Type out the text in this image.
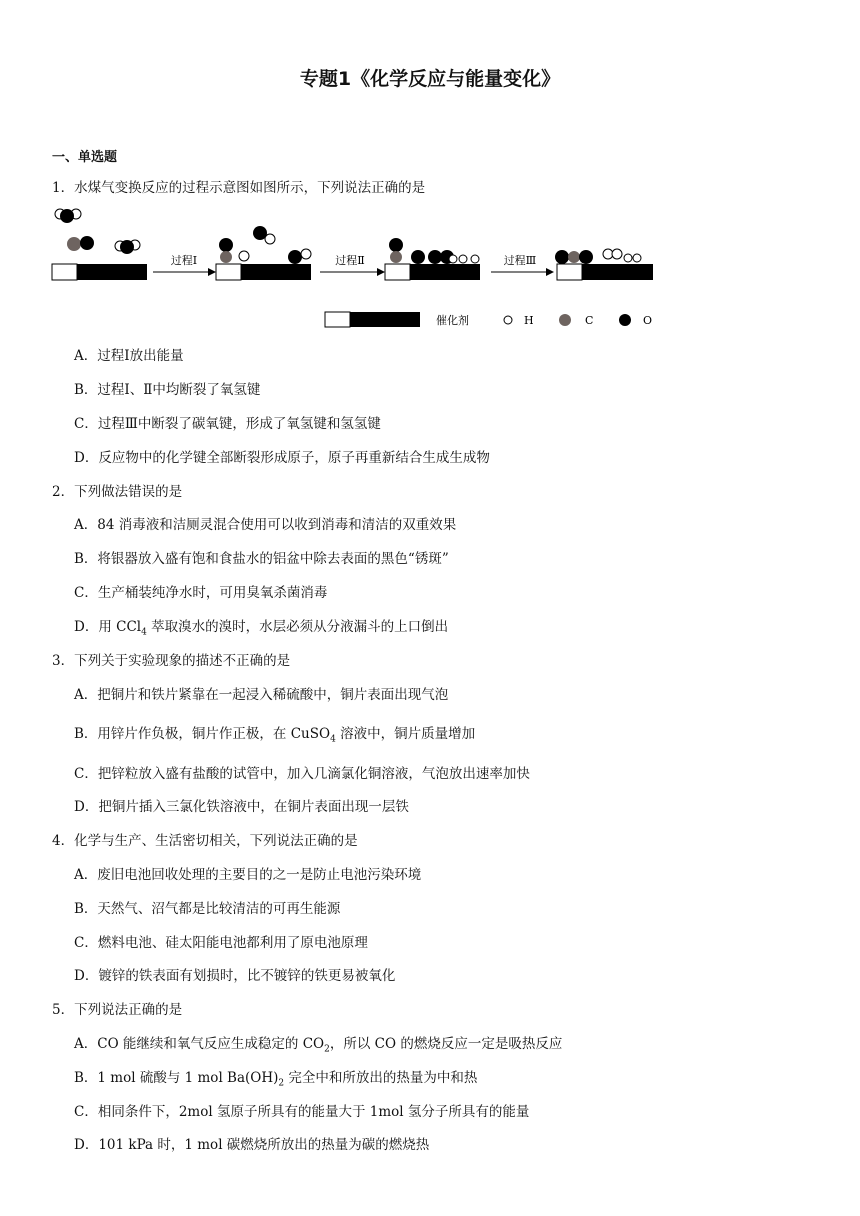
专题1《化学反应与能量变化》
一、单选题
1．水煤气变换反应的过程示意图如图所示，下列说法正确的是
过程Ⅰ	过程Ⅱ	过程Ⅲ
催化剂	H	C	O
A．过程Ⅰ放出能量
B．过程Ⅰ、Ⅱ中均断裂了氧氢键
C．过程Ⅲ中断裂了碳氧键，形成了氧氢键和氢氢键
D．反应物中的化学键全部断裂形成原子，原子再重新结合生成生成物
2．下列做法错误的是
A．84 消毒液和洁厕灵混合使用可以收到消毒和清洁的双重效果
B．将银器放入盛有饱和食盐水的铝盆中除去表面的黑色“锈斑”
C．生产桶装纯净水时，可用臭氧杀菌消毒
D．用 CCl$_4$ 萃取溴水的溴时，水层必须从分液漏斗的上口倒出
3．下列关于实验现象的描述不正确的是
A．把铜片和铁片紧靠在一起浸入稀硫酸中，铜片表面出现气泡
B．用锌片作负极，铜片作正极，在 CuSO$_4$ 溶液中，铜片质量增加
C．把锌粒放入盛有盐酸的试管中，加入几滴氯化铜溶液，气泡放出速率加快
D．把铜片插入三氯化铁溶液中，在铜片表面出现一层铁
4．化学与生产、生活密切相关，下列说法正确的是
A．废旧电池回收处理的主要目的之一是防止电池污染环境
B．天然气、沼气都是比较清洁的可再生能源
C．燃料电池、硅太阳能电池都利用了原电池原理
D．镀锌的铁表面有划损时，比不镀锌的铁更易被氧化
5．下列说法正确的是
A．CO 能继续和氧气反应生成稳定的 $CO_2$，所以 CO 的燃烧反应一定是吸热反应
B．1 mol 硫酸与 1 mol $Ba(OH)_2$ 完全中和所放出的热量为中和热
C．相同条件下，2mol 氢原子所具有的能量大于 1mol 氢分子所具有的能量
D．101 kPa 时，1 mol 碳燃烧所放出的热量为碳的燃烧热
